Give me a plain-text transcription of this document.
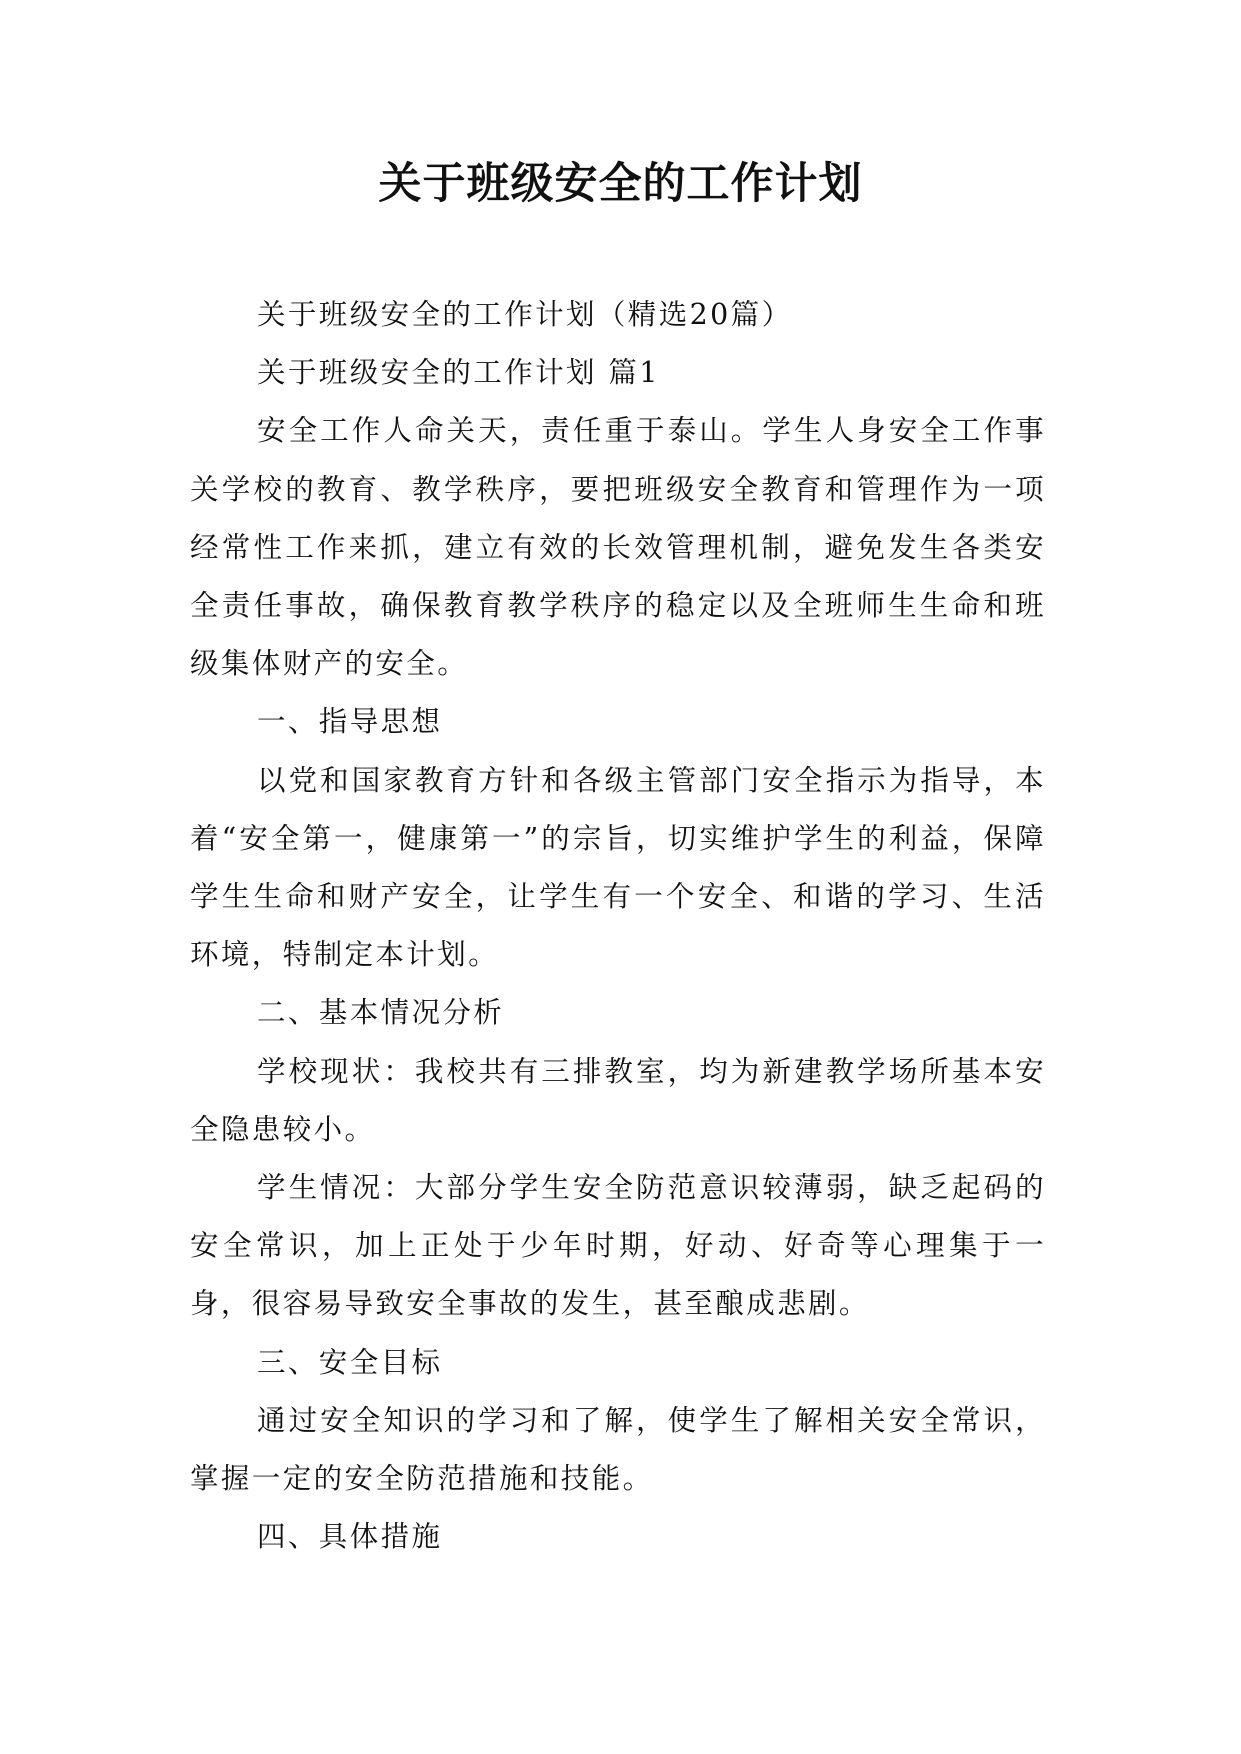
关于班级安全的工作计划

关于班级安全的工作计划（精选20篇）

关于班级安全的工作计划 篇1

安全工作人命关天，责任重于泰山。学生人身安全工作事关学校的教育、教学秩序，要把班级安全教育和管理作为一项经常性工作来抓，建立有效的长效管理机制，避免发生各类安全责任事故，确保教育教学秩序的稳定以及全班师生生命和班级集体财产的安全。

一、指导思想

以党和国家教育方针和各级主管部门安全指示为指导，本着“安全第一，健康第一”的宗旨，切实维护学生的利益，保障学生生命和财产安全，让学生有一个安全、和谐的学习、生活环境，特制定本计划。

二、基本情况分析

学校现状：我校共有三排教室，均为新建教学场所基本安全隐患较小。

学生情况：大部分学生安全防范意识较薄弱，缺乏起码的安全常识，加上正处于少年时期，好动、好奇等心理集于一身，很容易导致安全事故的发生，甚至酿成悲剧。

三、安全目标

通过安全知识的学习和了解，使学生了解相关安全常识，掌握一定的安全防范措施和技能。

四、具体措施
